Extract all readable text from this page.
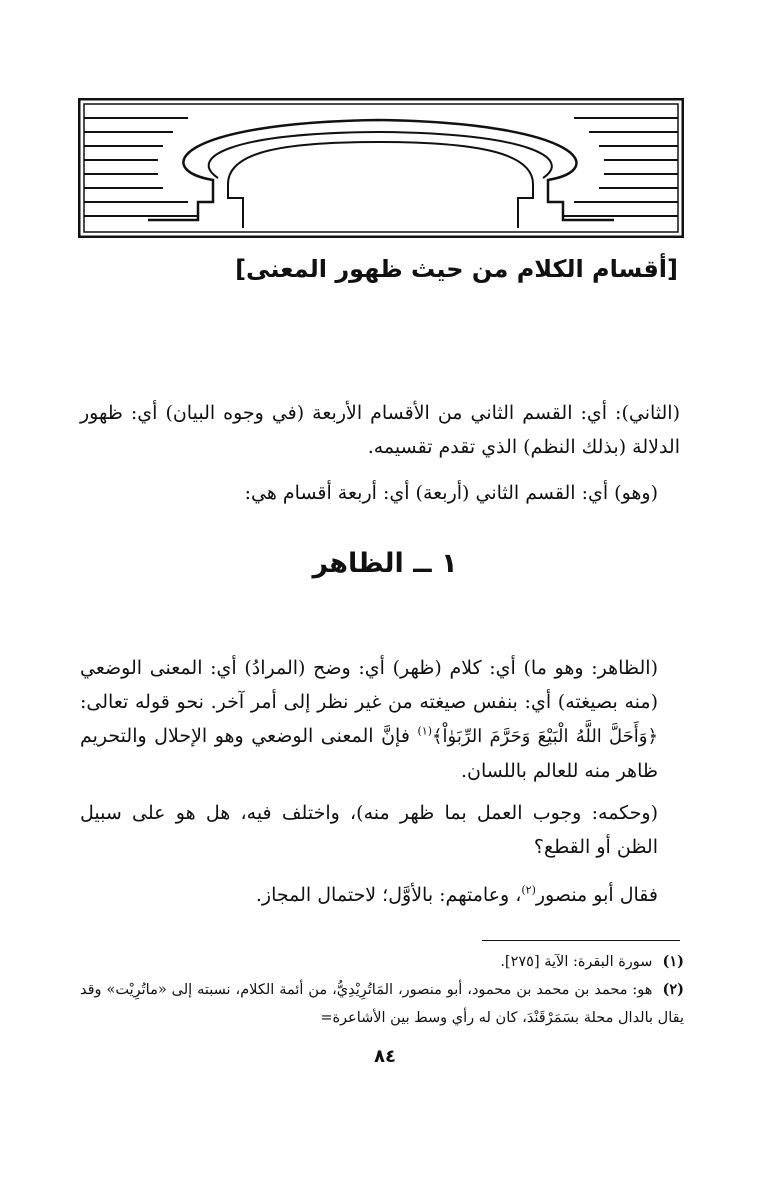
[أقسام الكلام من حيث ظهور المعنى]

(الثاني): أي: القسم الثاني من الأقسام الأربعة (في وجوه البيان) أي: ظهور الدلالة (بذلك النظم) الذي تقدم تقسيمه.

(وهو) أي: القسم الثاني (أربعة) أي: أربعة أقسام هي:

١ ــ الظاهر

(الظاهر: وهو ما) أي: كلام (ظهر) أي: وضح (المرادُ) أي: المعنى الوضعي (منه بصيغته) أي: بنفس صيغته من غير نظر إلى أمر آخر. نحو قوله تعالى: ﴿وَأَحَلَّ اللَّهُ الْبَيْعَ وَحَرَّمَ الرِّبَوٰاْ﴾$^{(١)}$ فإنَّ المعنى الوضعي وهو الإحلال والتحريم ظاهر منه للعالم باللسان.

(وحكمه: وجوب العمل بما ظهر منه)، واختلف فيه، هل هو على سبيل الظن أو القطع؟

فقال أبو منصور$^{(٢)}$، وعامتهم: بالأوَّل؛ لاحتمال المجاز.

(١)سورة البقرة: الآية [٢٧٥].
(٢)هو: محمد بن محمد بن محمود، أبو منصور، المَاتُرِيْدِيُّ، من أئمة الكلام، نسبته إلى «ماتُرِيْت» وقد يقال بالدال محلة بسَمَرْقَنْدَ، كان له رأي وسط بين الأشاعرة=

٨٤
